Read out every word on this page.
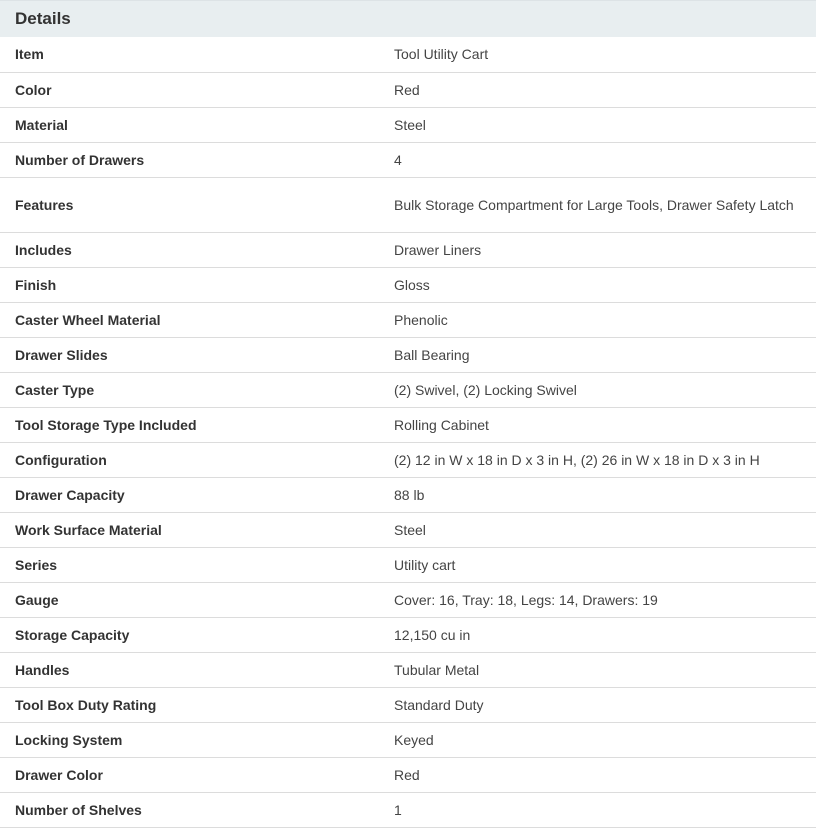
Details
Item	Tool Utility Cart
Color	Red
Material	Steel
Number of Drawers	4
Features	Bulk Storage Compartment for Large Tools, Drawer Safety Latch
Includes	Drawer Liners
Finish	Gloss
Caster Wheel Material	Phenolic
Drawer Slides	Ball Bearing
Caster Type	(2) Swivel, (2) Locking Swivel
Tool Storage Type Included	Rolling Cabinet
Configuration	(2) 12 in W x 18 in D x 3 in H, (2) 26 in W x 18 in D x 3 in H
Drawer Capacity	88 lb
Work Surface Material	Steel
Series	Utility cart
Gauge	Cover: 16, Tray: 18, Legs: 14, Drawers: 19
Storage Capacity	12,150 cu in
Handles	Tubular Metal
Tool Box Duty Rating	Standard Duty
Locking System	Keyed
Drawer Color	Red
Number of Shelves	1
